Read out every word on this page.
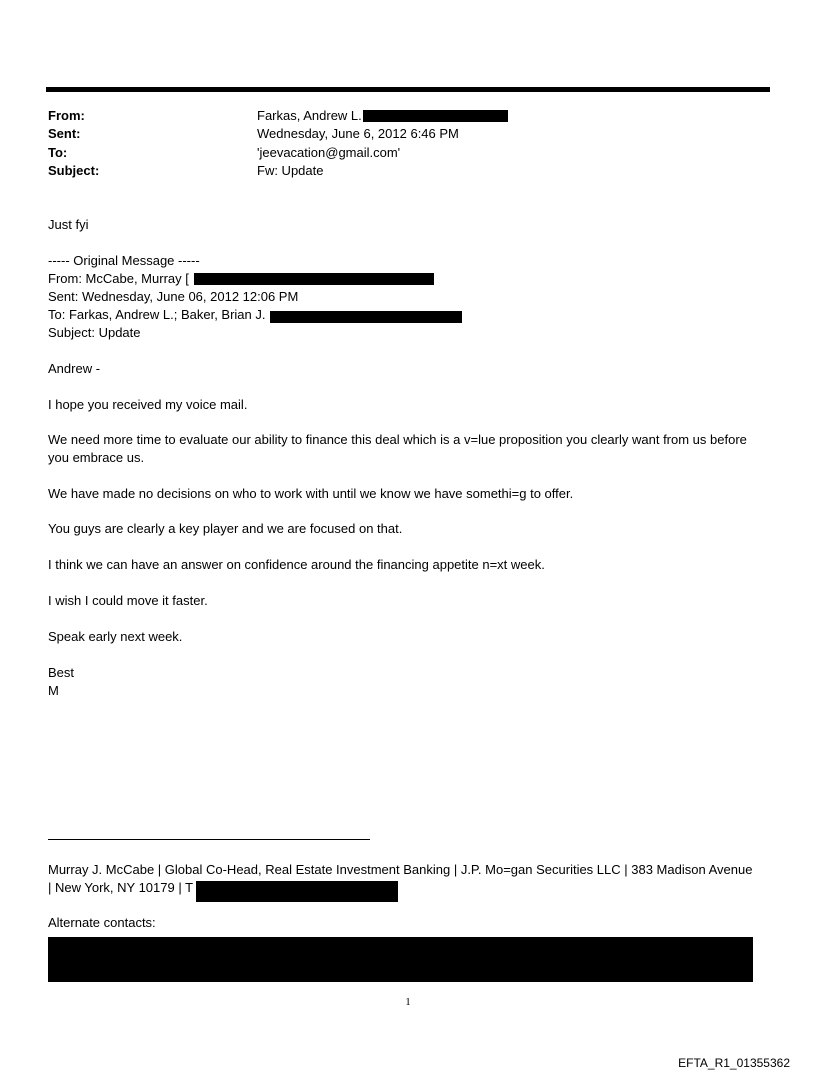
From:	Farkas, Andrew L.
Sent:	Wednesday, June 6, 2012 6:46 PM
To:	'jeevacation@gmail.com'
Subject:	Fw: Update
Just fyi
----- Original Message -----
From: McCabe, Murray [
Sent: Wednesday, June 06, 2012 12:06 PM
To: Farkas, Andrew L.; Baker, Brian J.
Subject: Update
Andrew -
I hope you received my voice mail.
We need more time to evaluate our ability to finance this deal which is a v=lue proposition you clearly want from us before you embrace us.
We have made no decisions on who to work with until we know we have somethi=g to offer.
You guys are clearly a key player and we are focused on that.
I think we can have an answer on confidence around the financing appetite n=xt week.
I wish I could move it faster.
Speak early next week.
Best
M
Murray J. McCabe | Global Co-Head, Real Estate Investment Banking | J.P. Mo=gan Securities LLC | 383 Madison Avenue
| New York, NY 10179 | T
Alternate contacts:
1
EFTA_R1_01355362
